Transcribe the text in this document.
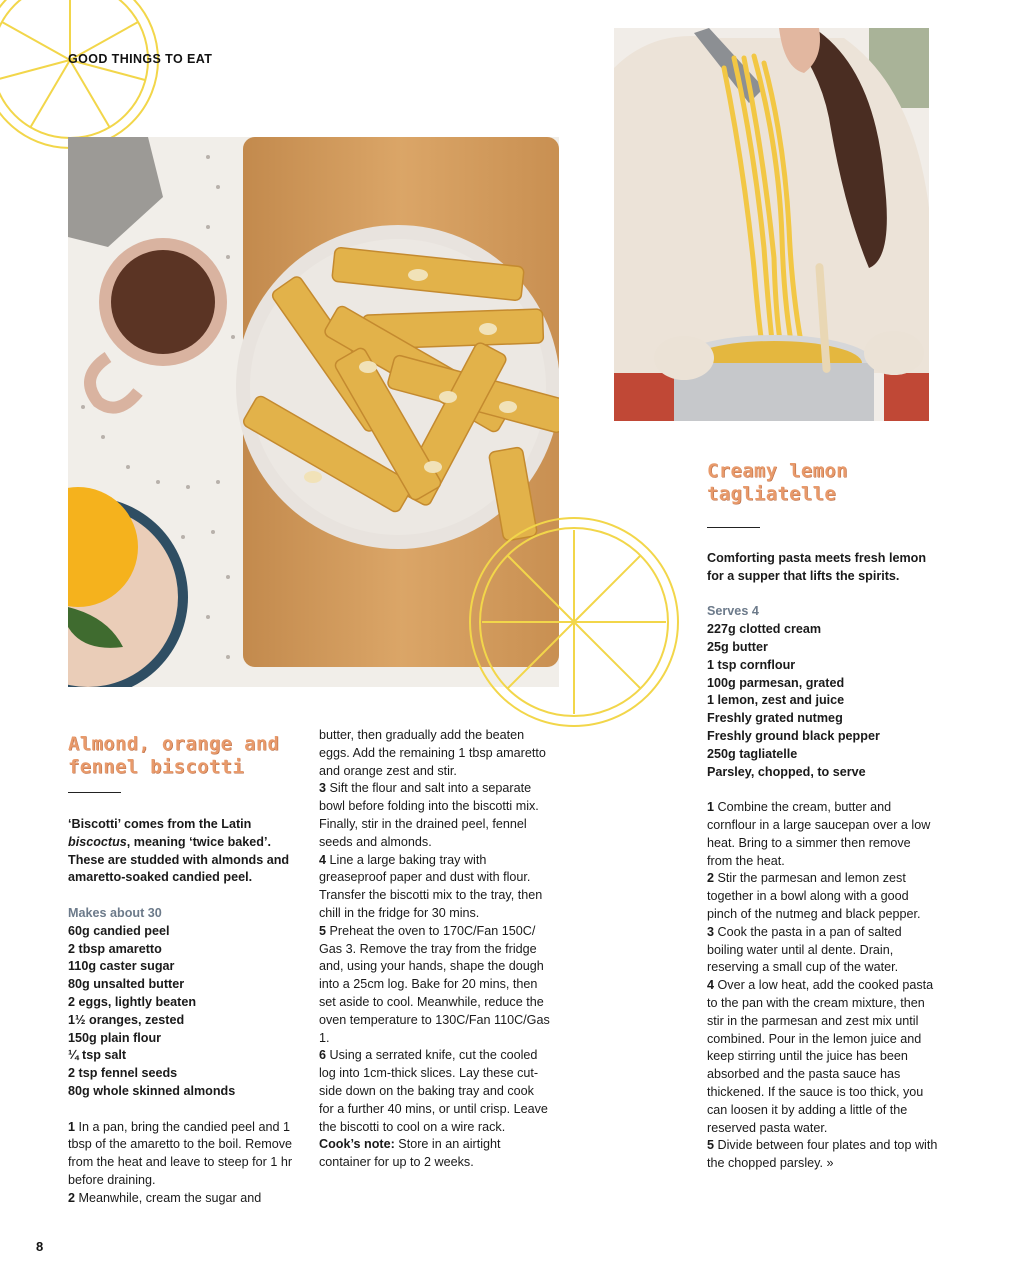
GOOD THINGS TO EAT
Almond, orange and fennel biscotti

‘Biscotti’ comes from the Latin biscoctus, meaning ‘twice baked’. These are studded with almonds and amaretto-soaked candied peel.

Makes about 30
60g candied peel
2 tbsp amaretto
110g caster sugar
80g unsalted butter
2 eggs, lightly beaten
1½ oranges, zested
150g plain flour
¼ tsp salt
2 tsp fennel seeds
80g whole skinned almonds

1 In a pan, bring the candied peel and 1 tbsp of the amaretto to the boil. Remove from the heat and leave to steep for 1 hr before draining.

2 Meanwhile, cream the sugar and

butter, then gradually add the beaten eggs. Add the remaining 1 tbsp amaretto and orange zest and stir.

3 Sift the flour and salt into a separate bowl before folding into the biscotti mix. Finally, stir in the drained peel, fennel seeds and almonds.

4 Line a large baking tray with greaseproof paper and dust with flour. Transfer the biscotti mix to the tray, then chill in the fridge for 30 mins.

5 Preheat the oven to 170C/Fan 150C/ Gas 3. Remove the tray from the fridge and, using your hands, shape the dough into a 25cm log. Bake for 20 mins, then set aside to cool. Meanwhile, reduce the oven temperature to 130C/Fan 110C/Gas 1.

6 Using a serrated knife, cut the cooled log into 1cm-thick slices. Lay these cut-side down on the baking tray and cook for a further 40 mins, or until crisp. Leave the biscotti to cool on a wire rack.

Cook’s note: Store in an airtight container for up to 2 weeks.

Creamy lemon tagliatelle

Comforting pasta meets fresh lemon for a supper that lifts the spirits.

Serves 4
227g clotted cream
25g butter
1 tsp cornflour
100g parmesan, grated
1 lemon, zest and juice
Freshly grated nutmeg
Freshly ground black pepper
250g tagliatelle
Parsley, chopped, to serve

1 Combine the cream, butter and cornflour in a large saucepan over a low heat. Bring to a simmer then remove from the heat.

2 Stir the parmesan and lemon zest together in a bowl along with a good pinch of the nutmeg and black pepper.

3 Cook the pasta in a pan of salted boiling water until al dente. Drain, reserving a small cup of the water.

4 Over a low heat, add the cooked pasta to the pan with the cream mixture, then stir in the parmesan and zest mix until combined. Pour in the lemon juice and keep stirring until the juice has been absorbed and the pasta sauce has thickened. If the sauce is too thick, you can loosen it by adding a little of the reserved pasta water.

5 Divide between four plates and top with the chopped parsley. »

8
